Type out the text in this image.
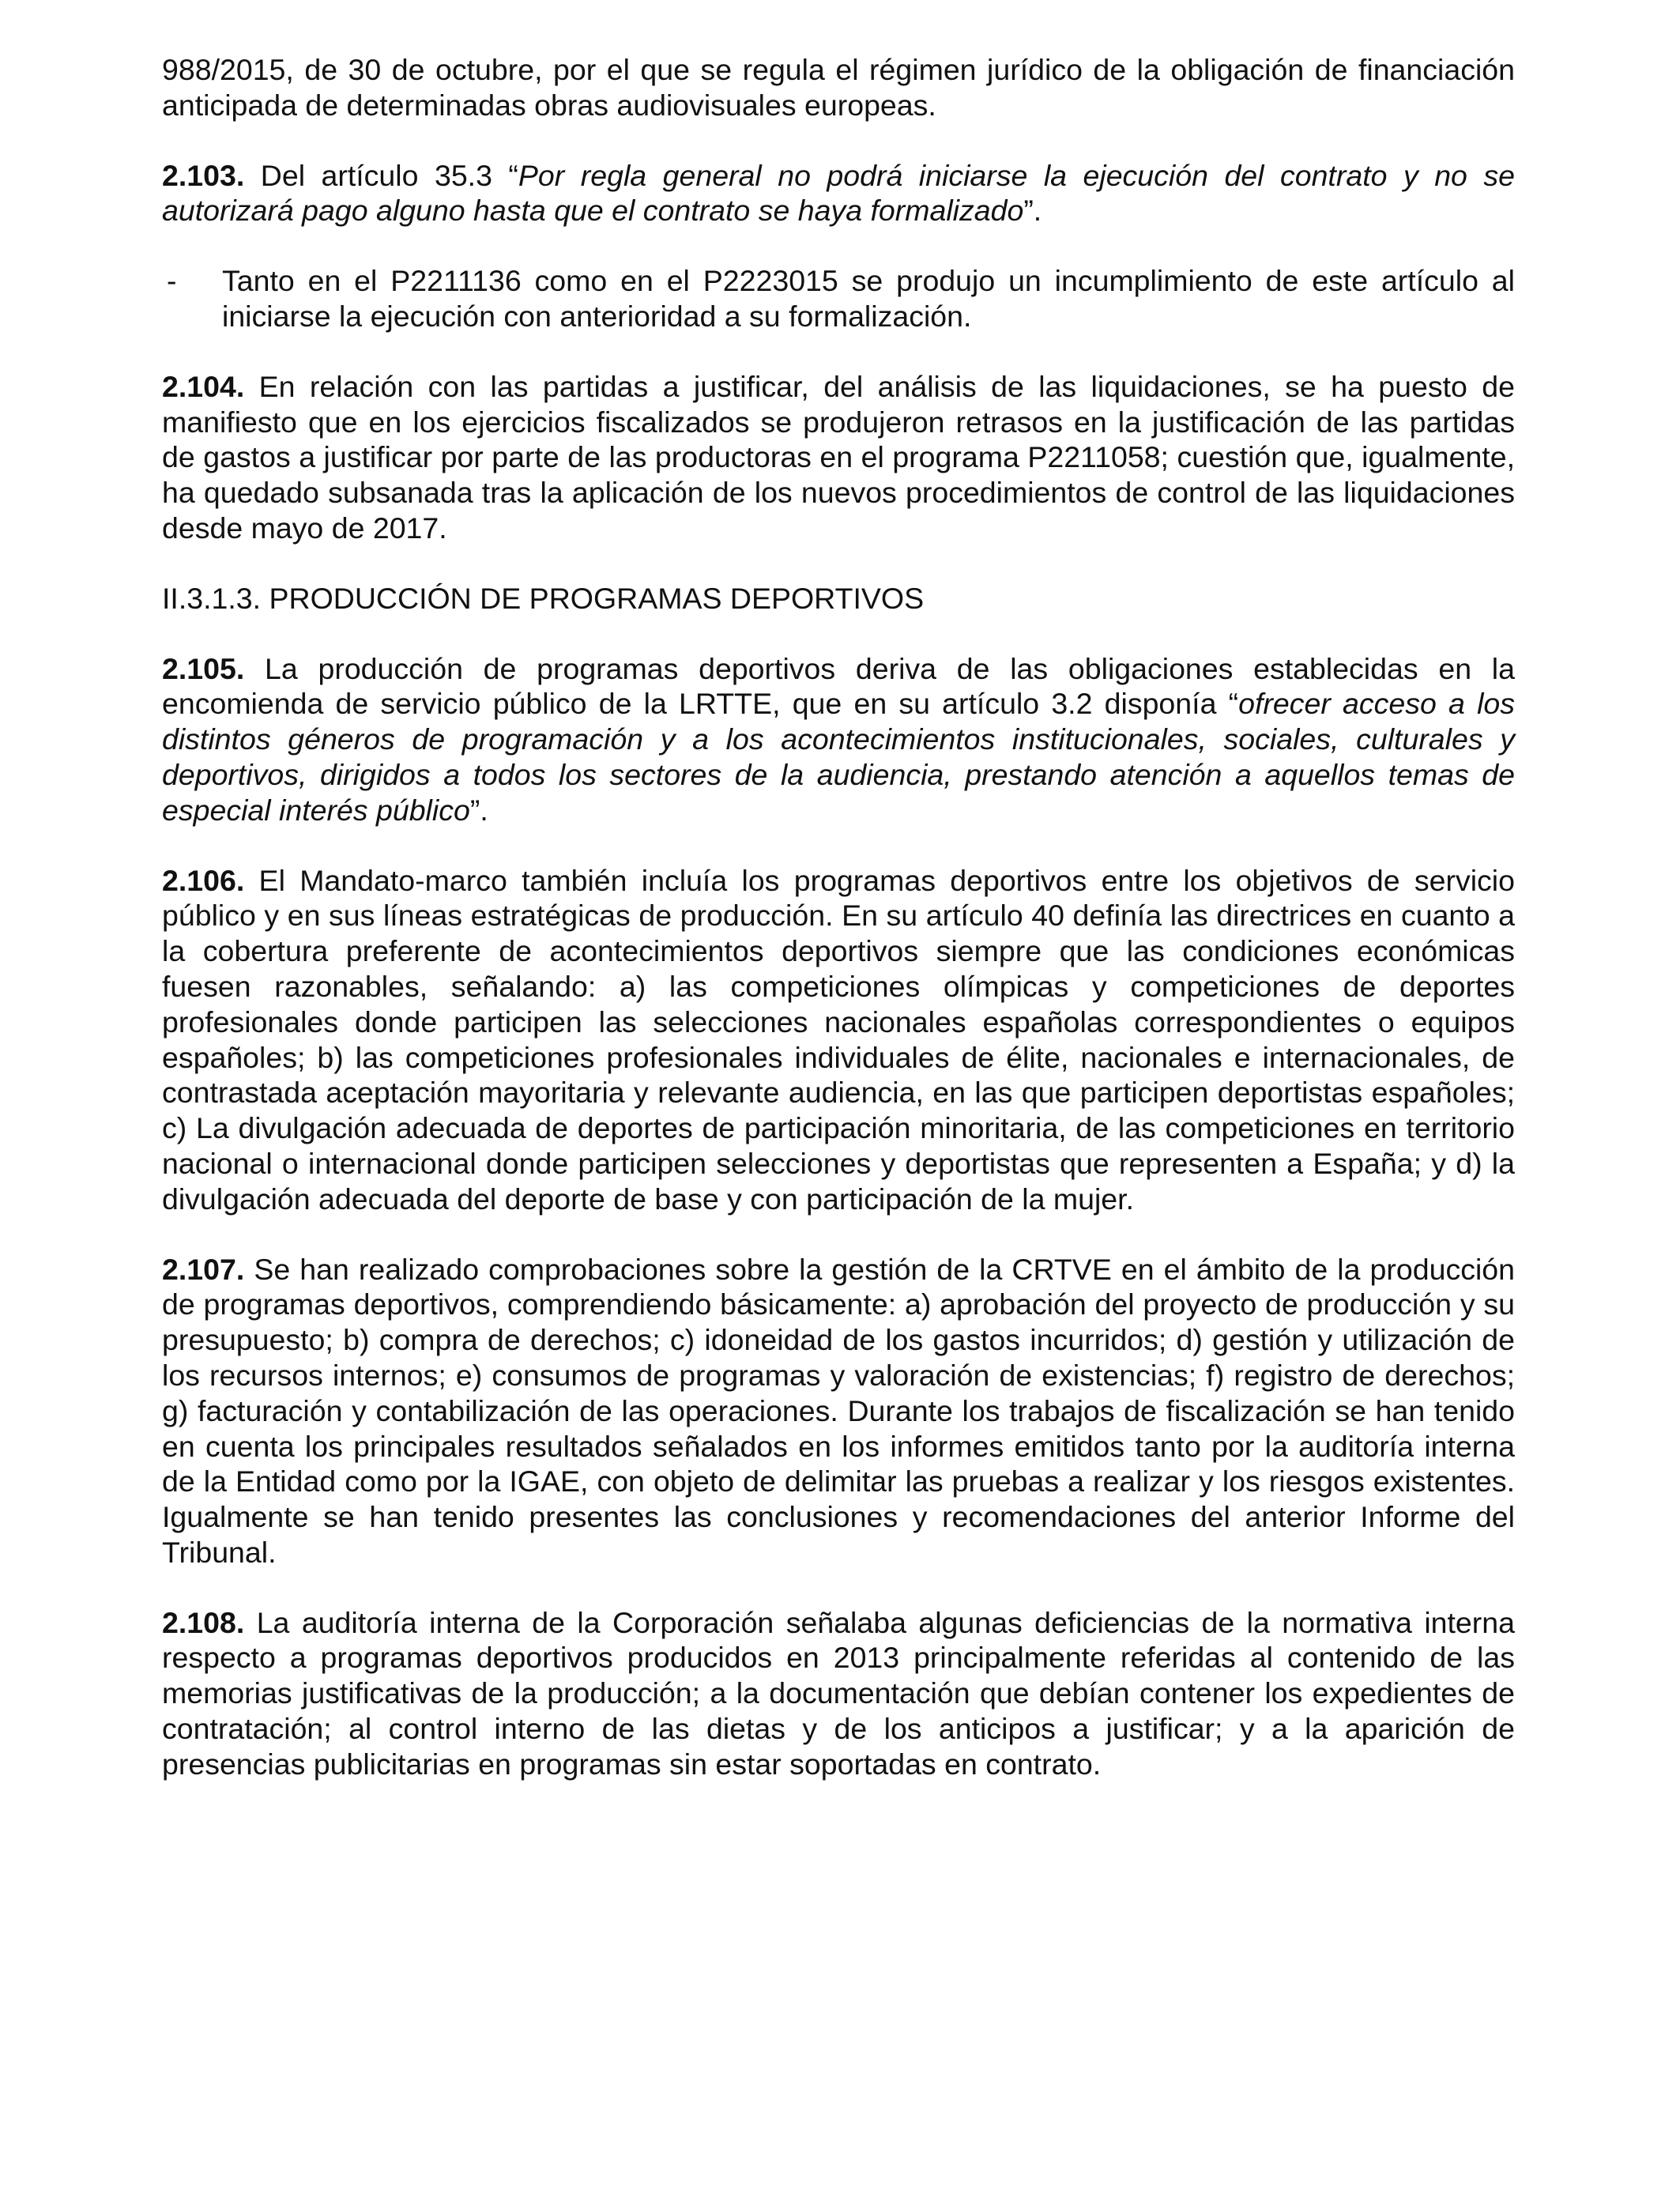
988/2015, de 30 de octubre, por el que se regula el régimen jurídico de la obligación de financiación anticipada de determinadas obras audiovisuales europeas.

2.103. Del artículo 35.3 “Por regla general no podrá iniciarse la ejecución del contrato y no se autorizará pago alguno hasta que el contrato se haya formalizado”.

-	Tanto en el P2211136 como en el P2223015 se produjo un incumplimiento de este artículo al iniciarse la ejecución con anterioridad a su formalización.

2.104. En relación con las partidas a justificar, del análisis de las liquidaciones, se ha puesto de manifiesto que en los ejercicios fiscalizados se produjeron retrasos en la justificación de las partidas de gastos a justificar por parte de las productoras en el programa P2211058; cuestión que, igualmente, ha quedado subsanada tras la aplicación de los nuevos procedimientos de control de las liquidaciones desde mayo de 2017.

II.3.1.3. PRODUCCIÓN DE PROGRAMAS DEPORTIVOS

2.105. La producción de programas deportivos deriva de las obligaciones establecidas en la encomienda de servicio público de la LRTTE, que en su artículo 3.2 disponía “ofrecer acceso a los distintos géneros de programación y a los acontecimientos institucionales, sociales, culturales y deportivos, dirigidos a todos los sectores de la audiencia, prestando atención a aquellos temas de especial interés público”.

2.106. El Mandato-marco también incluía los programas deportivos entre los objetivos de servicio público y en sus líneas estratégicas de producción. En su artículo 40 definía las directrices en cuanto a la cobertura preferente de acontecimientos deportivos siempre que las condiciones económicas fuesen razonables, señalando: a) las competiciones olímpicas y competiciones de deportes profesionales donde participen las selecciones nacionales españolas correspondientes o equipos españoles; b) las competiciones profesionales individuales de élite, nacionales e internacionales, de contrastada aceptación mayoritaria y relevante audiencia, en las que participen deportistas españoles; c) La divulgación adecuada de deportes de participación minoritaria, de las competiciones en territorio nacional o internacional donde participen selecciones y deportistas que representen a España; y d) la divulgación adecuada del deporte de base y con participación de la mujer.

2.107. Se han realizado comprobaciones sobre la gestión de la CRTVE en el ámbito de la producción de programas deportivos, comprendiendo básicamente: a) aprobación del proyecto de producción y su presupuesto; b) compra de derechos; c) idoneidad de los gastos incurridos; d) gestión y utilización de los recursos internos; e) consumos de programas y valoración de existencias; f) registro de derechos; g) facturación y contabilización de las operaciones. Durante los trabajos de fiscalización se han tenido en cuenta los principales resultados señalados en los informes emitidos tanto por la auditoría interna de la Entidad como por la IGAE, con objeto de delimitar las pruebas a realizar y los riesgos existentes. Igualmente se han tenido presentes las conclusiones y recomendaciones del anterior Informe del Tribunal.

2.108. La auditoría interna de la Corporación señalaba algunas deficiencias de la normativa interna respecto a programas deportivos producidos en 2013 principalmente referidas al contenido de las memorias justificativas de la producción; a la documentación que debían contener los expedientes de contratación; al control interno de las dietas y de los anticipos a justificar; y a la aparición de presencias publicitarias en programas sin estar soportadas en contrato.
